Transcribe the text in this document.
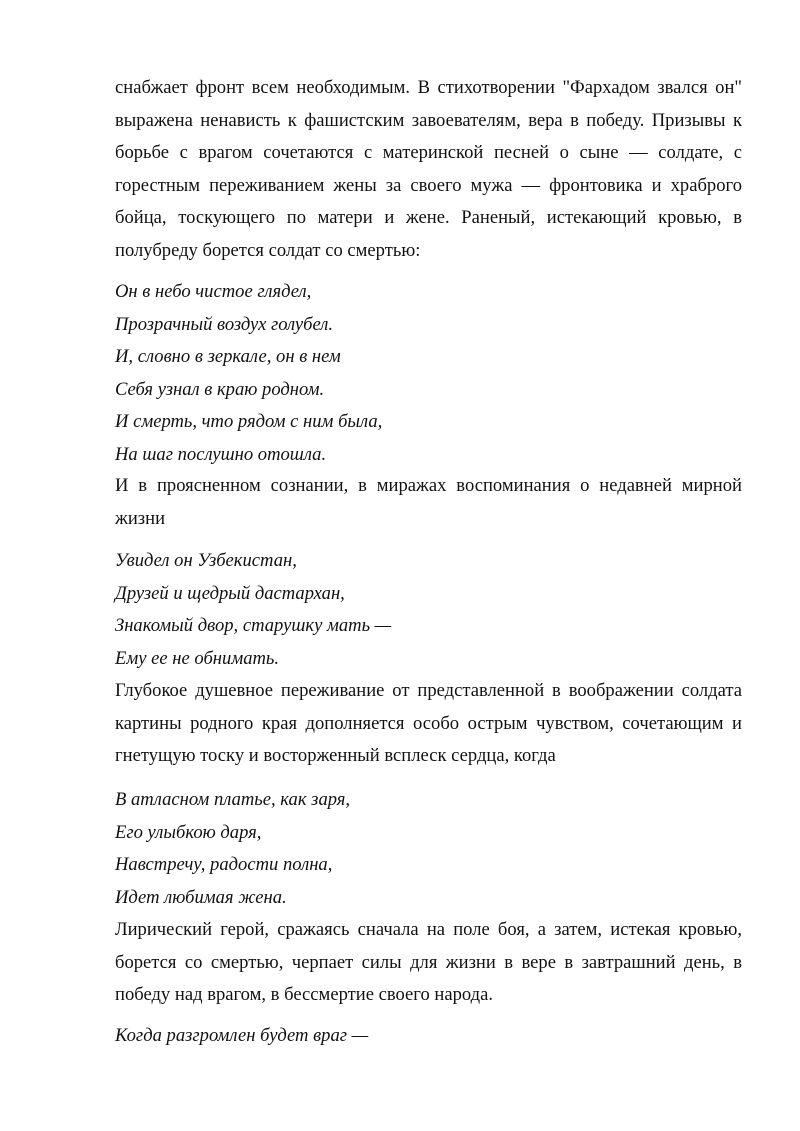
снабжает фронт всем необходимым. В стихотворении "Фархадом звался он" выражена ненависть к фашистским завоевателям, вера в победу. Призывы к борьбе с врагом сочетаются с материнской песней о сыне — солдате, с горестным переживанием жены за своего мужа — фронтовика и храброго бойца, тоскующего по матери и жене. Раненый, истекающий кровью, в полубреду борется солдат со смертью:

Он в небо чистое глядел,
Прозрачный воздух голубел.
И, словно в зеркале, он в нем
Себя узнал в краю родном.
И смерть, что рядом с ним была,
На шаг послушно отошла.

И в проясненном сознании, в миражах воспоминания о недавней мирной жизни

Увидел он Узбекистан,
Друзей и щедрый дастархан,
Знакомый двор, старушку мать —
Ему ее не обнимать.

Глубокое душевное переживание от представленной в воображении солдата картины родного края дополняется особо острым чувством, сочетающим и гнетущую тоску и восторженный всплеск сердца, когда

В атласном платье, как заря,
Его улыбкою даря,
Навстречу, радости полна,
Идет любимая жена.

Лирический герой, сражаясь сначала на поле боя, а затем, истекая кровью, борется со смертью, черпает силы для жизни в вере в завтрашний день, в победу над врагом, в бессмертие своего народа.

Когда разгромлен будет враг —
